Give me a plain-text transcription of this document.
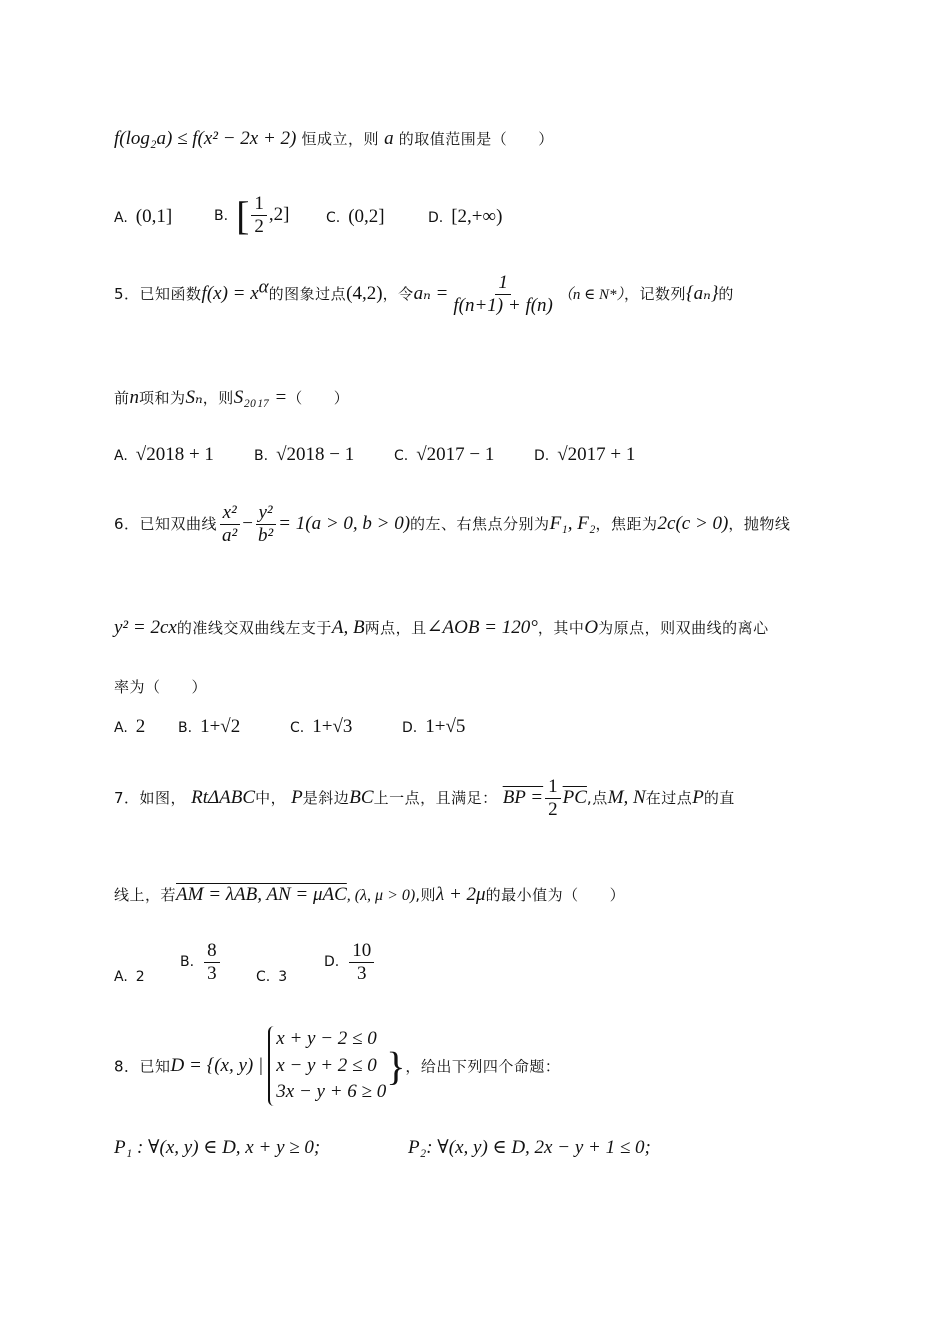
f(log₂a) ≤ f(x² − 2x + 2) 恒成立，则 a 的取值范围是（　　）
A. (0,1]	B. [ $\frac{1}{2} ,2$]	C. (0,2]	D. [2,+∞)
5．已知函数$f(x) = x^\alpha$的图象过点(4,2)，令$a_n = \frac{1}{f(n+1) + f(n)} (n$ ∈ N*），记数列{aₙ}的
前n项和为Sₙ，则S₂₀₁₇ =（　　）
A. √2018 + 1	B. √2018 − 1	C. √2017 − 1	D. √2017 + 1
6．已知双曲线 $\frac{\text{x²}}{\text{a²}} - \frac{\text{y²}}{\text{b²}} = 1(a > 0$, b > 0)的左、右焦点分别为F₁, F₂，焦距为2c(c > 0)，抛物线
y² = 2cx的准线交双曲线左支于A, B两点，且∠AOB = 120°，其中O为原点，则双曲线的离心
率为（　　）
A. 2 B. 1+√2	C. 1+√3	D. 1+√5
7．如图， RtΔABC中， P是斜边BC上一点，且满足： BP = $\frac{1}{2} \overline{PC}$,点M, N在过点P的直
线上，若AM = λAB, AN = μAC, (λ, μ > 0),则λ + 2μ的最小值为（　　）
A. 2
B. $\frac{8}{3}$	C. 3
D. $\frac{10}{3}$
8．已知D = {(x, y) |
x + y − 2 ≤ 0
x − y + 2 ≤ 0
3x − y + 6 ≥ 0
}，给出下列四个命题：
P₁ : ∀(x, y) ∈ D, x + y ≥ 0;	P₂: ∀(x, y) ∈ D, 2x − y + 1 ≤ 0;
